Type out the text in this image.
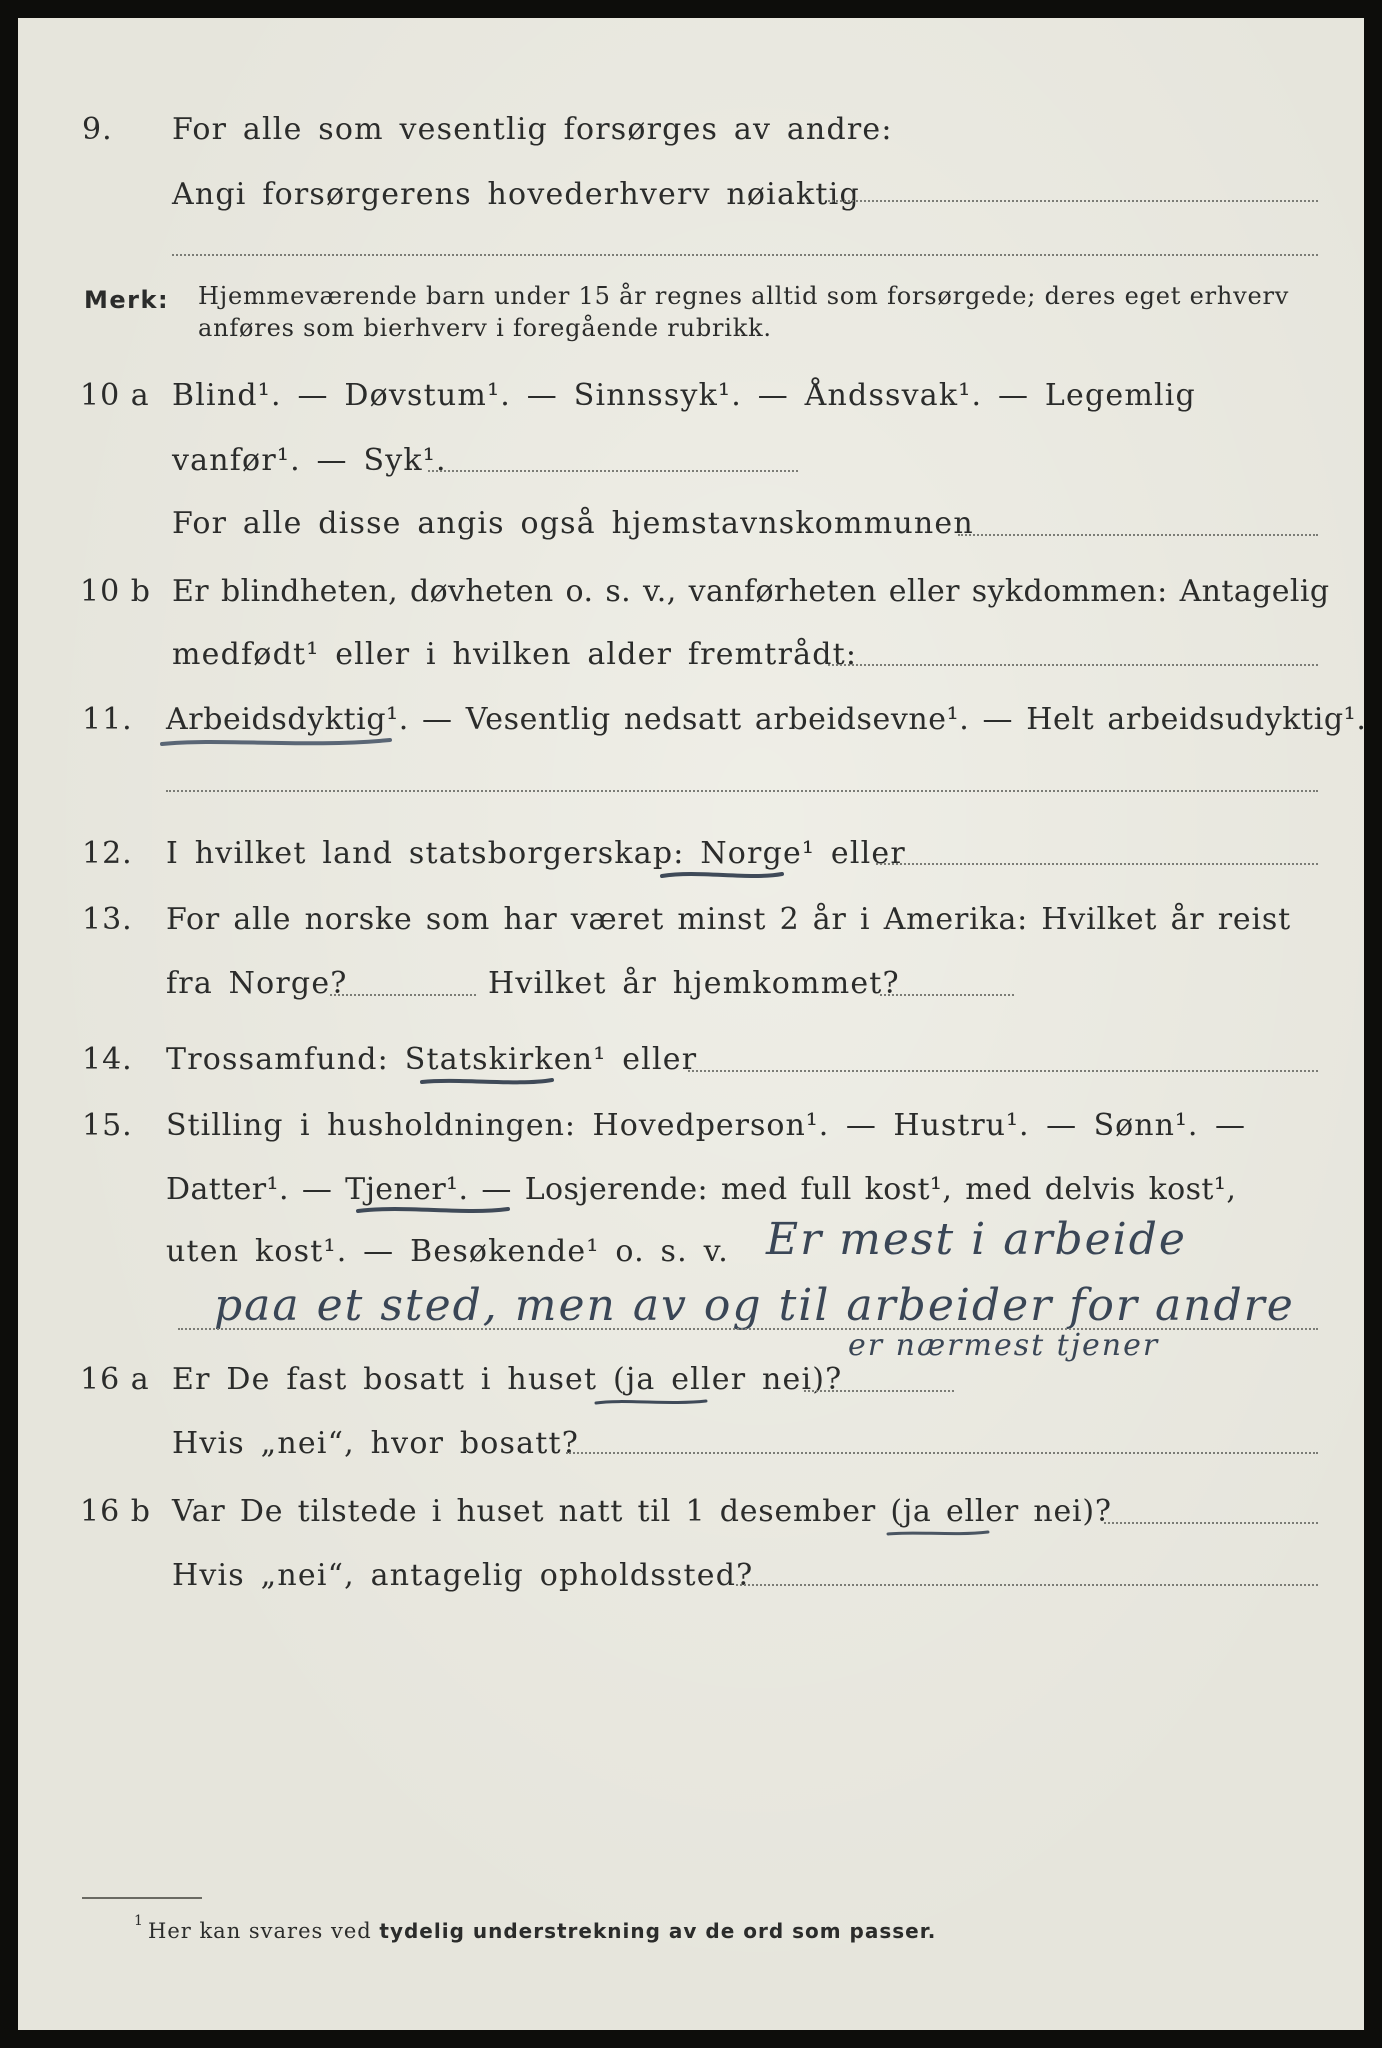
9. For alle som vesentlig forsørges av andre:
Angi forsørgerens hovederhverv nøiaktig
Merk: Hjemmeværende barn under 15 år regnes alltid som forsørgede; deres eget erhverv anføres som bierhverv i foregående rubrikk.
10 a Blind¹. — Døvstum¹. — Sinnssyk¹. — Åndssvak¹. — Legemlig
vanfør¹. — Syk¹.
For alle disse angis også hjemstavnskommunen
10 b Er blindheten, døvheten o. s. v., vanførheten eller sykdommen: Antagelig
medfødt¹ eller i hvilken alder fremtrådt:
11. Arbeidsdyktig¹. — Vesentlig nedsatt arbeidsevne¹. — Helt arbeidsudyktig¹.
12. I hvilket land statsborgerskap: Norge¹ eller
13. For alle norske som har været minst 2 år i Amerika: Hvilket år reist
fra Norge?	Hvilket år hjemkommet?
14. Trossamfund: Statskirken¹ eller
15. Stilling i husholdningen: Hovedperson¹. — Hustru¹. — Sønn¹. —
Datter¹. — Tjener¹. — Losjerende: med full kost¹, med delvis kost¹,
uten kost¹. — Besøkende¹ o. s. v. Er mest i arbeide
paa et sted, men av og til arbeider for andre
er nærmest tjener
16 a Er De fast bosatt i huset (ja eller nei)?
Hvis „nei“, hvor bosatt?
16 b Var De tilstede i huset natt til 1 desember (ja eller nei)?
Hvis „nei“, antagelig opholdssted?
1 Her kan svares ved tydelig understrekning av de ord som passer.
